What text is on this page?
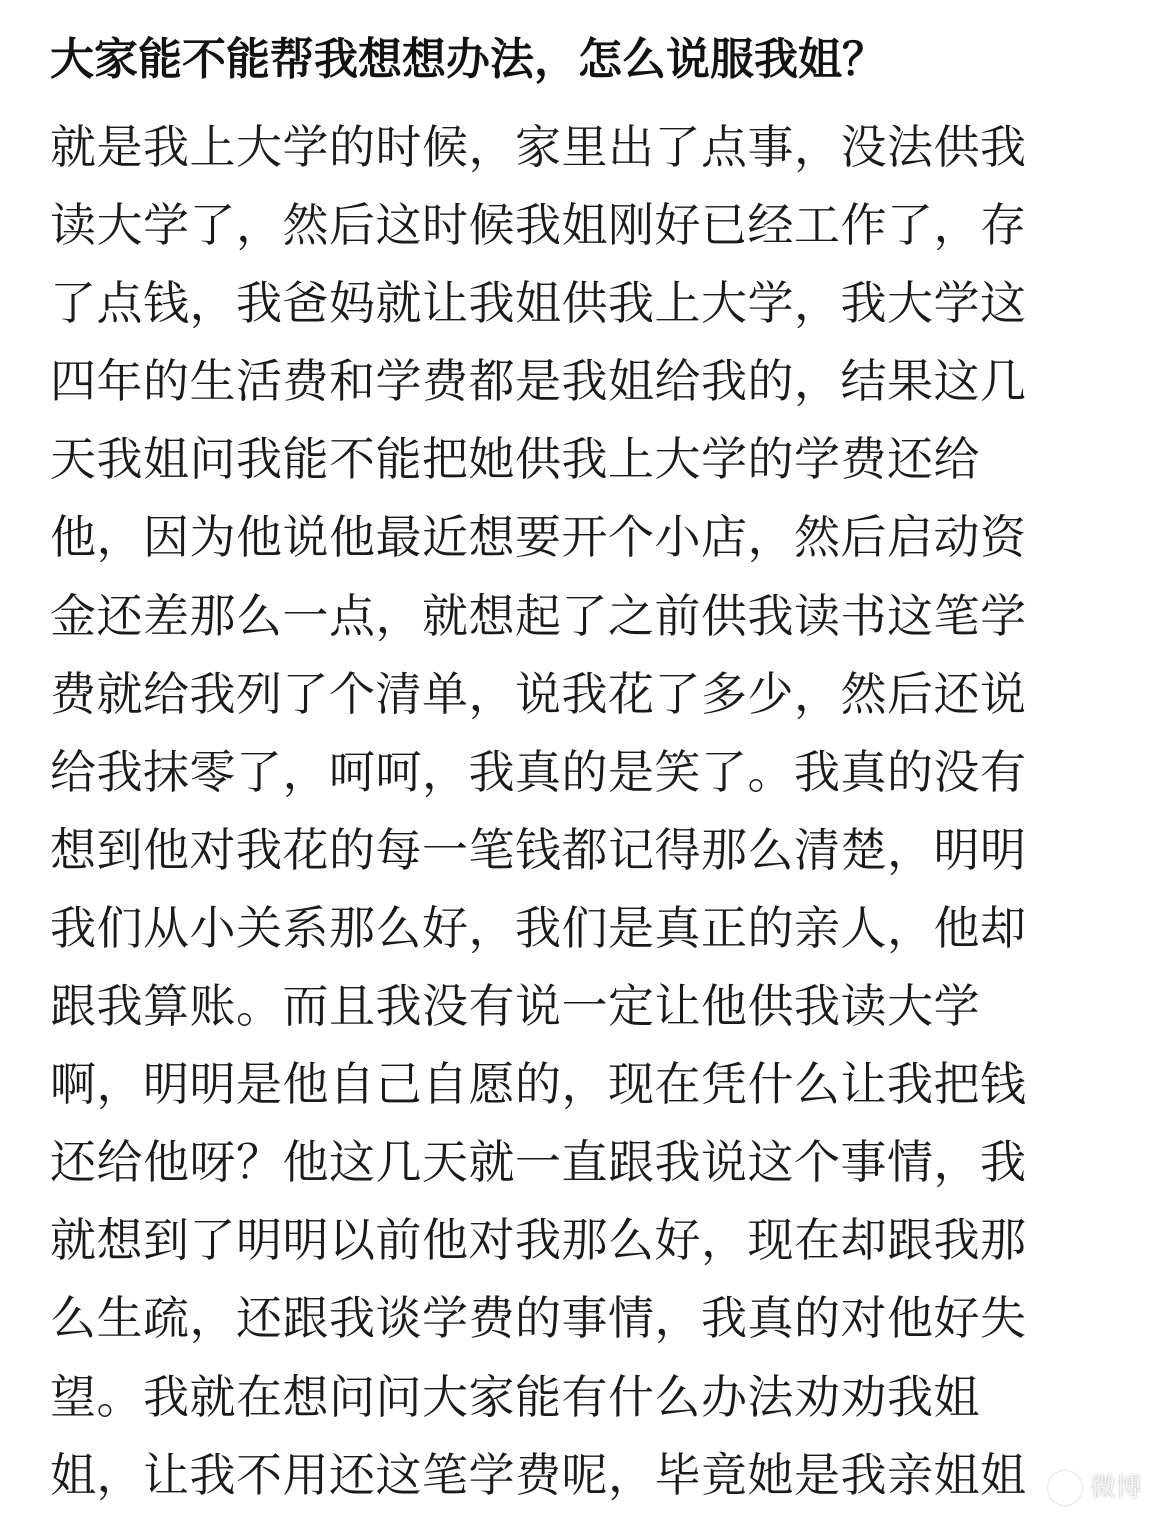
大家能不能帮我想想办法，怎么说服我姐？
就是我上大学的时候，家里出了点事，没法供我
读大学了，然后这时候我姐刚好已经工作了，存
了点钱，我爸妈就让我姐供我上大学，我大学这
四年的生活费和学费都是我姐给我的，结果这几
天我姐问我能不能把她供我上大学的学费还给
他，因为他说他最近想要开个小店，然后启动资
金还差那么一点，就想起了之前供我读书这笔学
费就给我列了个清单，说我花了多少，然后还说
给我抹零了，呵呵，我真的是笑了。我真的没有
想到他对我花的每一笔钱都记得那么清楚，明明
我们从小关系那么好，我们是真正的亲人，他却
跟我算账。而且我没有说一定让他供我读大学
啊，明明是他自己自愿的，现在凭什么让我把钱
还给他呀？他这几天就一直跟我说这个事情，我
就想到了明明以前他对我那么好，现在却跟我那
么生疏，还跟我谈学费的事情，我真的对他好失
望。我就在想问问大家能有什么办法劝劝我姐
姐，让我不用还这笔学费呢，毕竟她是我亲姐姐	微博
